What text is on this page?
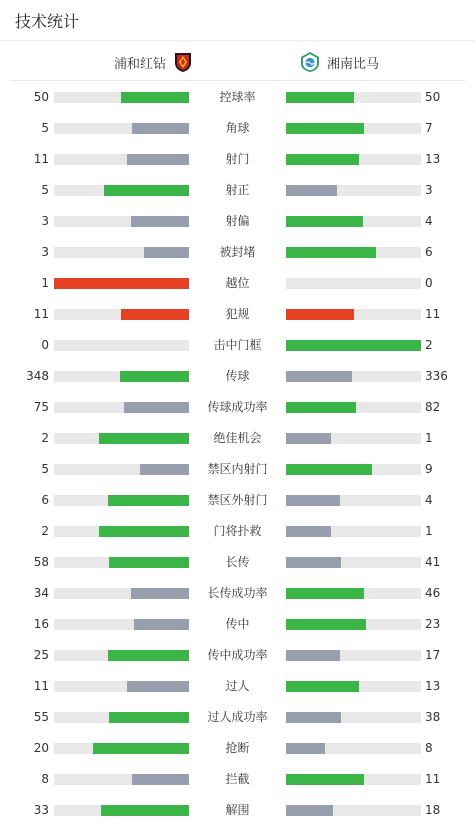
技术统计
浦和红钻	湘南比马
50	控球率	50
5	角球	7
11	射门	13
5	射正	3
3	射偏	4
3	被封堵	6
1	越位	0
11	犯规	11
0	击中门框	2
348	传球	336
75	传球成功率	82
2	绝佳机会	1
5	禁区内射门	9
6	禁区外射门	4
2	门将扑救	1
58	长传	41
34	长传成功率	46
16	传中	23
25	传中成功率	17
11	过人	13
55	过人成功率	38
20	抢断	8
8	拦截	11
33	解围	18
